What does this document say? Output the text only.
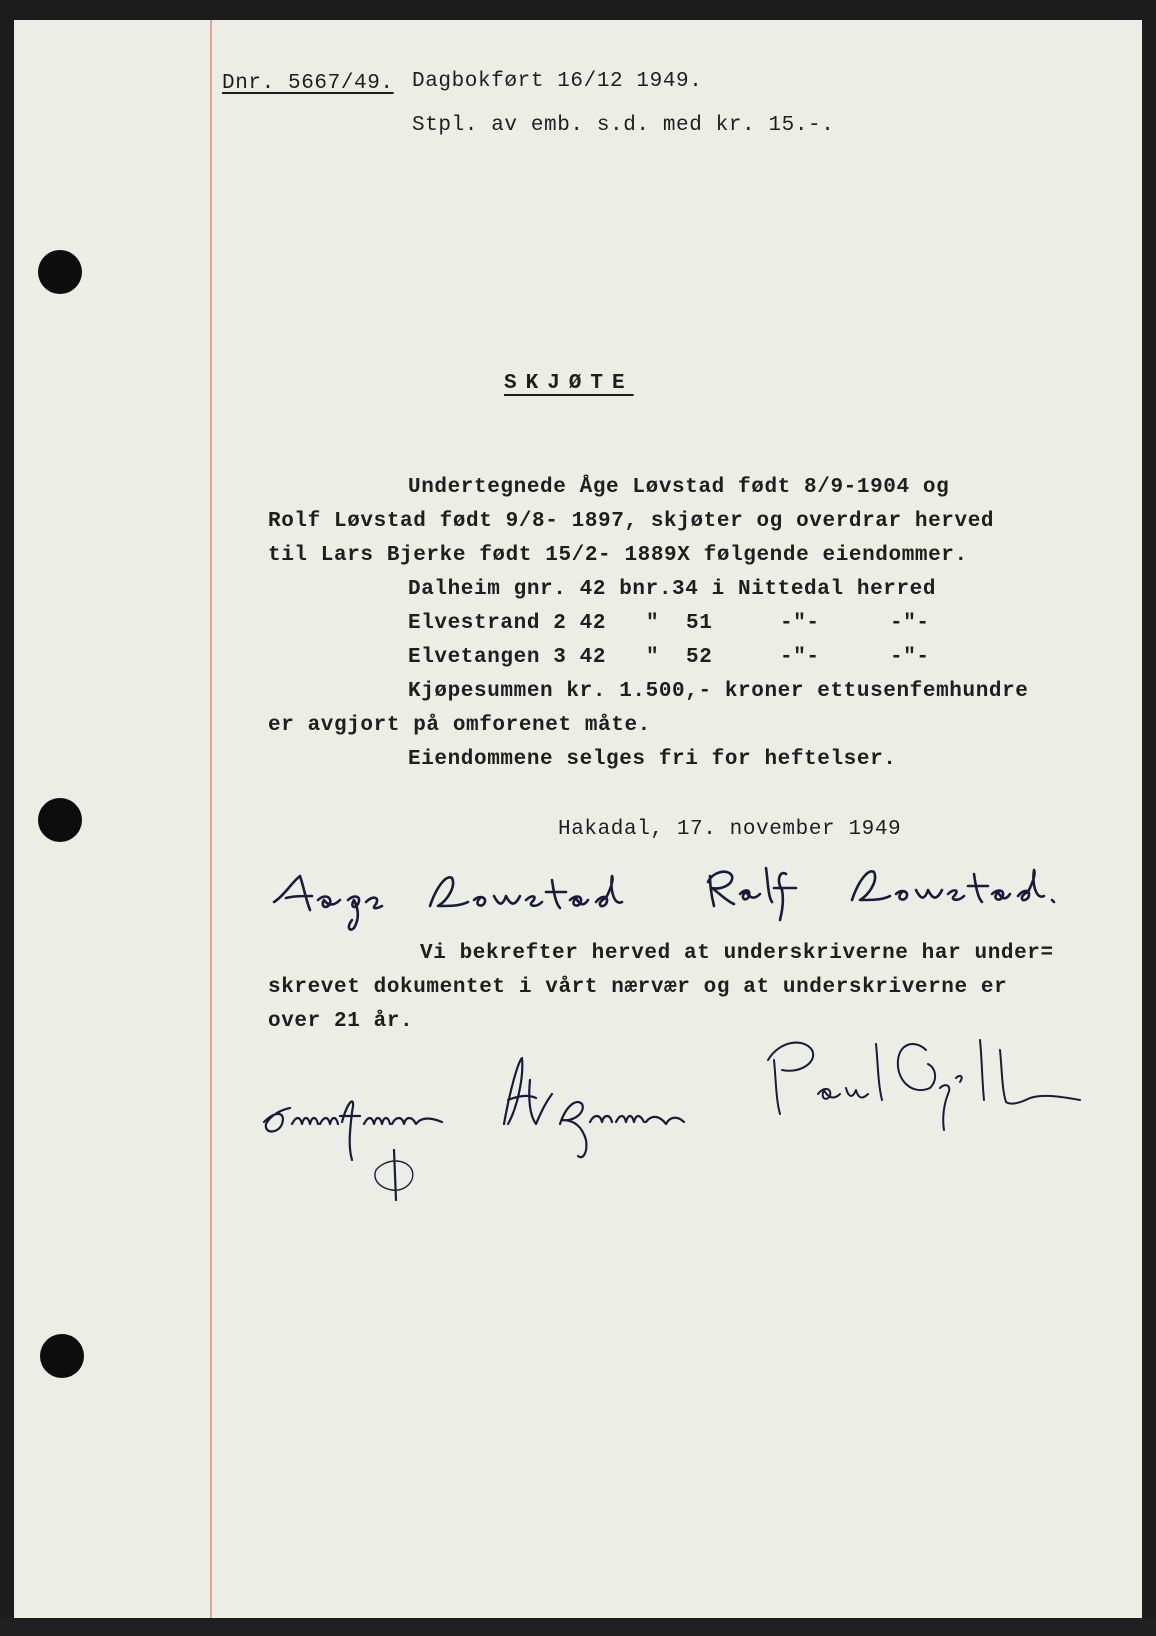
Dnr. 5667/49. Dagbokført 16/12 1949.
Stpl. av emb. s.d. med kr. 15.-.
SKJØTE
Undertegnede Åge Løvstad født 8/9-1904 og
Rolf Løvstad født 9/8- 1897, skjøter og overdrar herved
til Lars Bjerke født 15/2- 1889X følgende eiendommer.
Dalheim gnr. 42 bnr.34 i Nittedal herred
Elvestrand 2 42 " 51	-"-	-"-
Elvetangen 3 42 " 52	-"-	-"-
Kjøpesummen kr. 1.500,- kroner ettusenfemhundre
er avgjort på omforenet måte.
Eiendommene selges fri for heftelser.
Hakadal, 17. november 1949
Vi bekrefter herved at underskriverne har under=
skrevet dokumentet i vårt nærvær og at underskriverne er
over 21 år.
